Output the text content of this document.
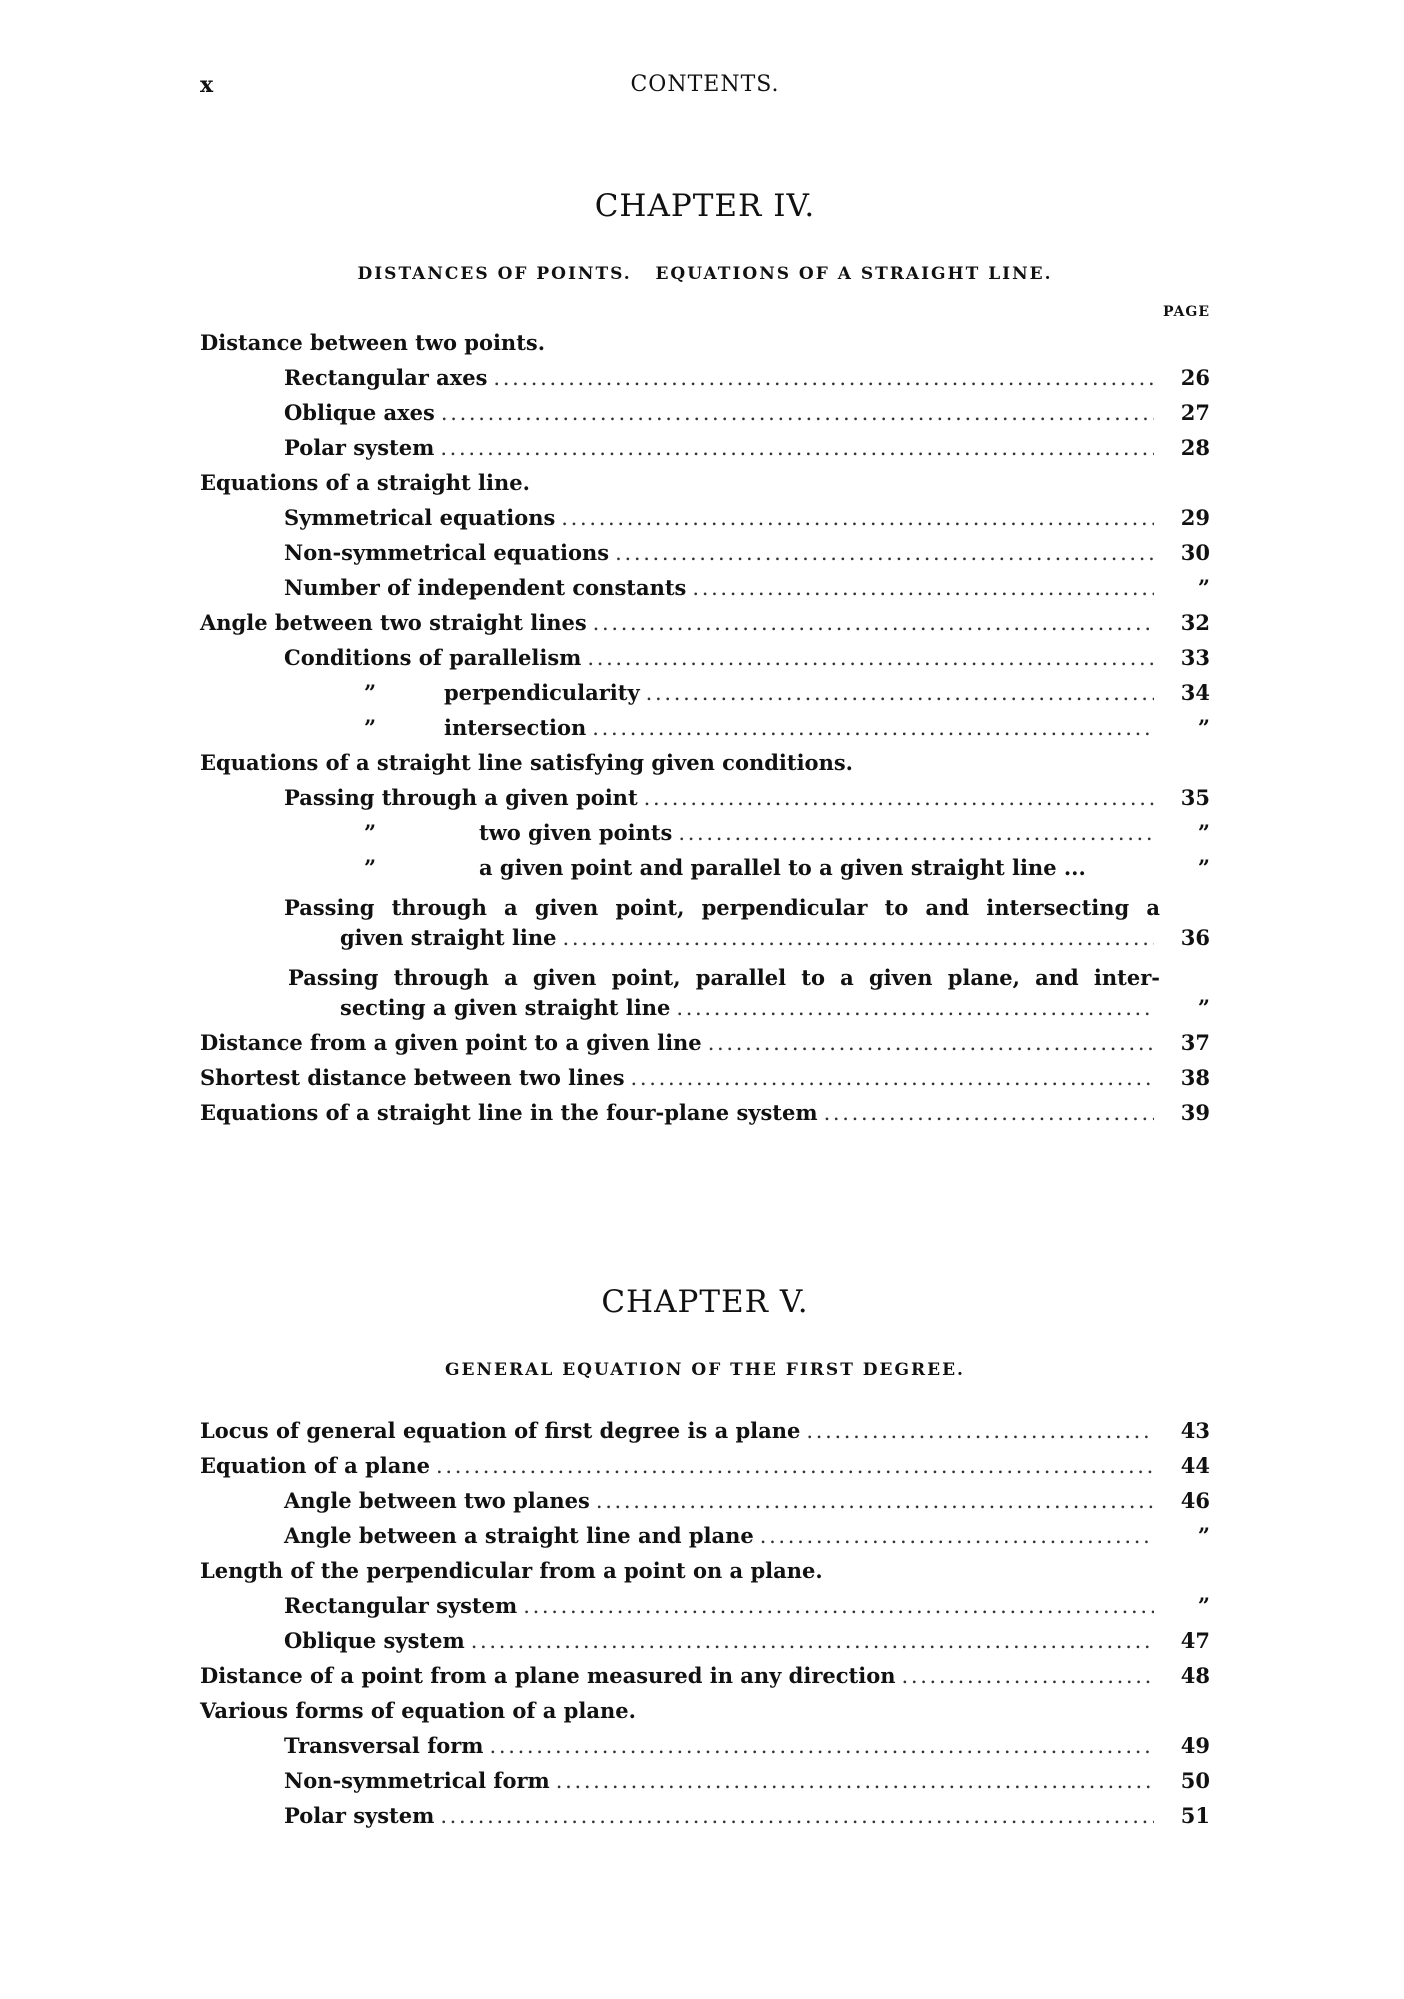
x	CONTENTS.
CHAPTER IV.
DISTANCES OF POINTS.   EQUATIONS OF A STRAIGHT LINE.
PAGE
Distance between two points.
Rectangular axes . . .	26
Oblique axes . . .	27
Polar system . . .	28
Equations of a straight line.
Symmetrical equations . . .	29
Non-symmetrical equations . . .	30
Number of independent constants . . .	”
Angle between two straight lines . . .	32
Conditions of parallelism . . .	33
”	perpendicularity . . .	34
”	intersection . . .	”
Equations of a straight line satisfying given conditions.
Passing through a given point . . .	35
”	two given points . . .	”
”	a given point and parallel to a given straight line ...	”
Passing through a given point, perpendicular to and intersecting a
given straight line . . .	36
Passing through a given point, parallel to a given plane, and inter-
secting a given straight line . . .	”
Distance from a given point to a given line . . .	37
Shortest distance between two lines . . .	38
Equations of a straight line in the four-plane system . . .	39
CHAPTER V.
GENERAL EQUATION OF THE FIRST DEGREE.
Locus of general equation of first degree is a plane . . .	43
Equation of a plane . . .	44
Angle between two planes . . .	46
Angle between a straight line and plane . . .	”
Length of the perpendicular from a point on a plane.
Rectangular system . . .	”
Oblique system . . .	47
Distance of a point from a plane measured in any direction . . .	48
Various forms of equation of a plane.
Transversal form . . .	49
Non-symmetrical form . . .	50
Polar system . . .	51
